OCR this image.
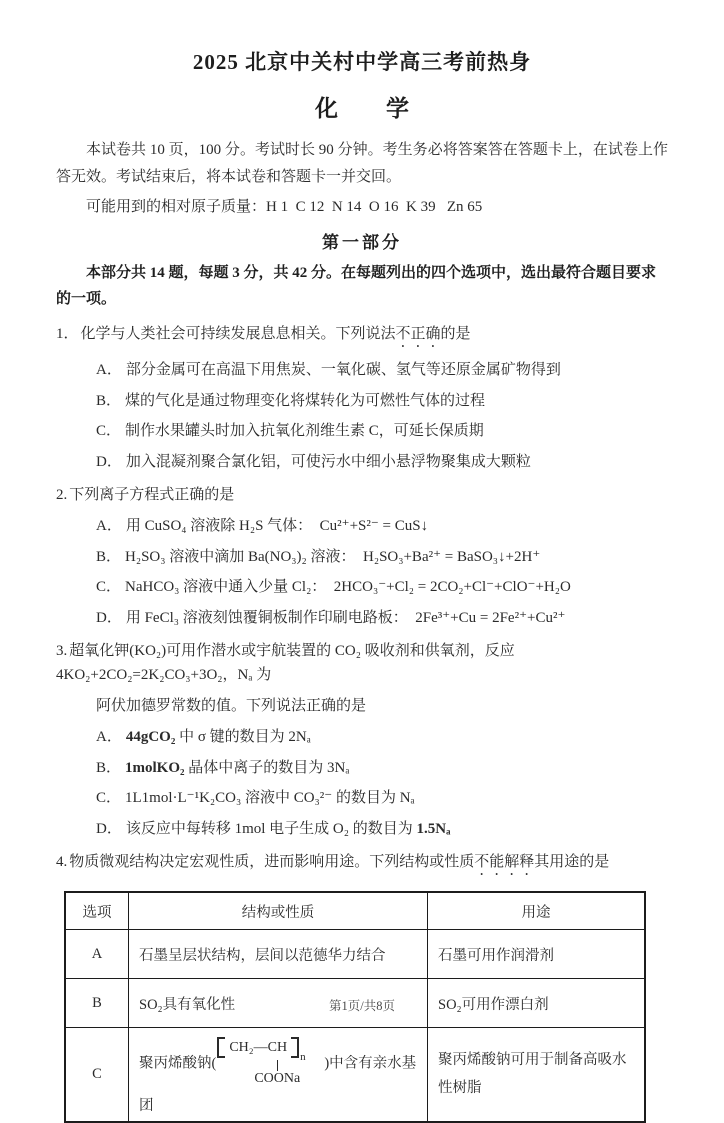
2025 北京中关村中学高三考前热身
化 学
本试卷共 10 页，100 分。考试时长 90 分钟。考生务必将答案答在答题卡上，在试卷上作答无效。考试结束后，将本试卷和答题卡一并交回。
可能用到的相对原子质量：H 1  C 12  N 14  O 16  K 39   Zn 65
第一部分
本部分共 14 题，每题 3 分，共 42 分。在每题列出的四个选项中，选出最符合题目要求的一项。
1． 化学与人类社会可持续发展息息相关。下列说法不正确的是
A． 部分金属可在高温下用焦炭、一氧化碳、氢气等还原金属矿物得到
B． 煤的气化是通过物理变化将煤转化为可燃性气体的过程
C． 制作水果罐头时加入抗氧化剂维生素 C，可延长保质期
D． 加入混凝剂聚合氯化铝，可使污水中细小悬浮物聚集成大颗粒
2. 下列离子方程式正确的是
A． 用 CuSO₄ 溶液除 H₂S 气体：  Cu²⁺+S²⁻ = CuS↓
B． H₂SO₃ 溶液中滴加 Ba(NO₃)₂ 溶液：  H₂SO₃+Ba²⁺ = BaSO₃↓+2H⁺
C． NaHCO₃ 溶液中通入少量 Cl₂：  2HCO₃⁻+Cl₂ = 2CO₂+Cl⁻+ClO⁻+H₂O
D． 用 FeCl₃ 溶液刻蚀覆铜板制作印刷电路板：  2Fe³⁺+Cu = 2Fe²⁺+Cu²⁺
3. 超氧化钾(KO₂)可用作潜水或宇航装置的 CO₂ 吸收剂和供氧剂，反应 4KO₂+2CO₂=2K₂CO₃+3O₂，Nₐ 为
阿伏加德罗常数的值。下列说法正确的是
A． 44gCO₂ 中 σ 键的数目为 2Nₐ
B． 1molKO₂ 晶体中离子的数目为 3Nₐ
C． 1L1mol·L⁻¹K₂CO₃ 溶液中 CO₃²⁻ 的数目为 Nₐ
D． 该反应中每转移 1mol 电子生成 O₂ 的数目为 1.5Nₐ
4. 物质微观结构决定宏观性质，进而影响用途。下列结构或性质不能解释其用途的是
选项	结构或性质	用途
A	石墨呈层状结构，层间以范德华力结合	石墨可用作润滑剂
B	SO₂具有氧化性	SO₂可用作漂白剂
C	聚丙烯酸钠(
CH₂—CH
n
COONa
)中含有亲水基团	聚丙烯酸钠可用于制备高吸水性树脂
第1页/共8页
